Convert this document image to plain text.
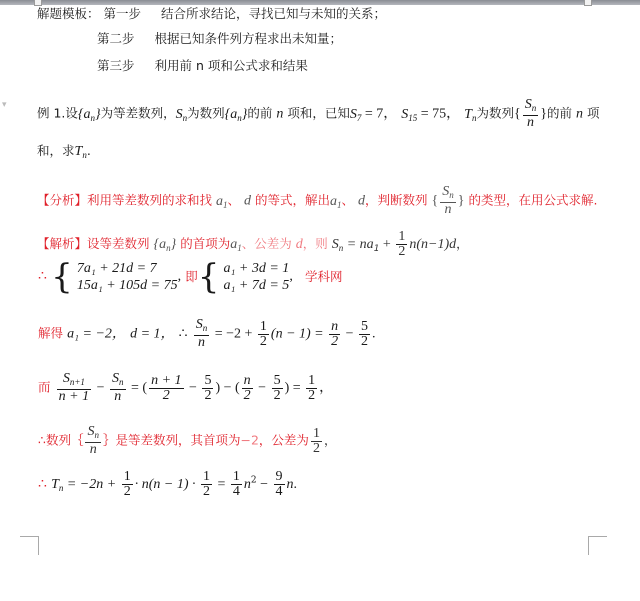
解题模板： 第一步 结合所求结论，寻找已知与未知的关系；
第二步 根据已知条件列方程求出未知量；
第三步 利用前 n 项和公式求和结果
▾
例 1.设$\{a_n\}$为等差数列，$S_n$为数列$\{a_n\}$的前 n 项和，已知$S_7 = 7$， $S_{15} = 75$， $T_n$为数列{ $\frac{S_n}{n}$ }的前 n 项
和，求$T_n$.
【分析】利用等差数列的求和找 $a_1$、 d 的等式，解出$a_1$、 d，判断数列 { $\frac{S_n}{n}$ } 的类型，在用公式求解.
【解析】设等差数列 $\{a_n\}$ 的首项为$a_1$、公差为 d，则 $S_n = na_1 + \frac{1}{2} n(n-1)d$，
∴ { 7a₁ + 21d = 7
15a₁ + 105d = 75
, 即{ a₁ + 3d = 1
a₁ + 7d = 5
, 学科网
解得 a₁ = −2， d = 1， ∴ $\frac{S_n}{n} = -2 + \frac{1}{2} (n - 1) = \frac{n}{2} - \frac{5}{2}$ .
而 $\frac{S_{n+1}}{n + 1} - \frac{S_n}{n}$ = ( $\frac{n + 1}{2} - \frac{5}{2}$ ) − ( $\frac{n}{2} - \frac{5}{2}$ ) = $\frac{1}{2}$ ，
∴数列｛ $\frac{S_n}{n}$ ｝是等差数列，其首项为−2，公差为 $\frac{1}{2}$ ，
∴ $T_n = -2n + \frac{1}{2} \cdot n(n - 1) \cdot \frac{1}{2} = \frac{1}{4} n^2 - \frac{9}{4} n$.
